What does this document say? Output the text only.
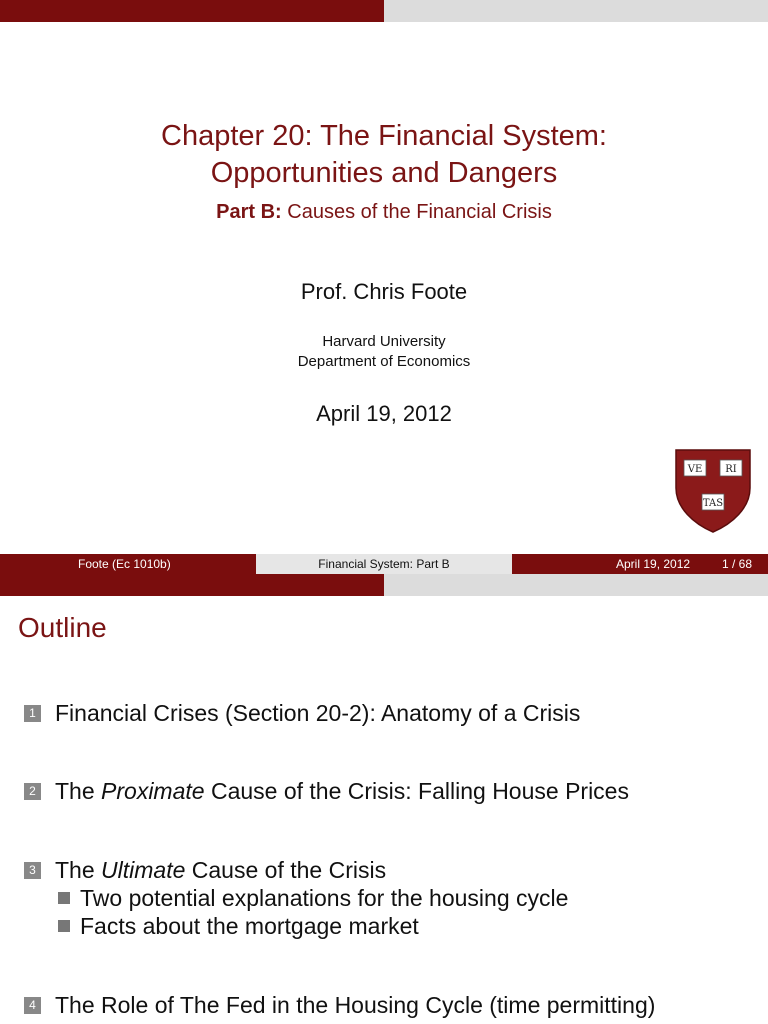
Chapter 20: The Financial System:
Opportunities and Dangers
Part B: Causes of the Financial Crisis
Prof. Chris Foote
Harvard University
Department of Economics
April 19, 2012
VE RI
TAS
Foote (Ec 1010b)	Financial System: Part B	April 19, 2012	1 / 68
Outline
1 Financial Crises (Section 20-2): Anatomy of a Crisis
2 The Proximate Cause of the Crisis: Falling House Prices
3 The Ultimate Cause of the Crisis
Two potential explanations for the housing cycle
Facts about the mortgage market
4 The Role of The Fed in the Housing Cycle (time permitting)
